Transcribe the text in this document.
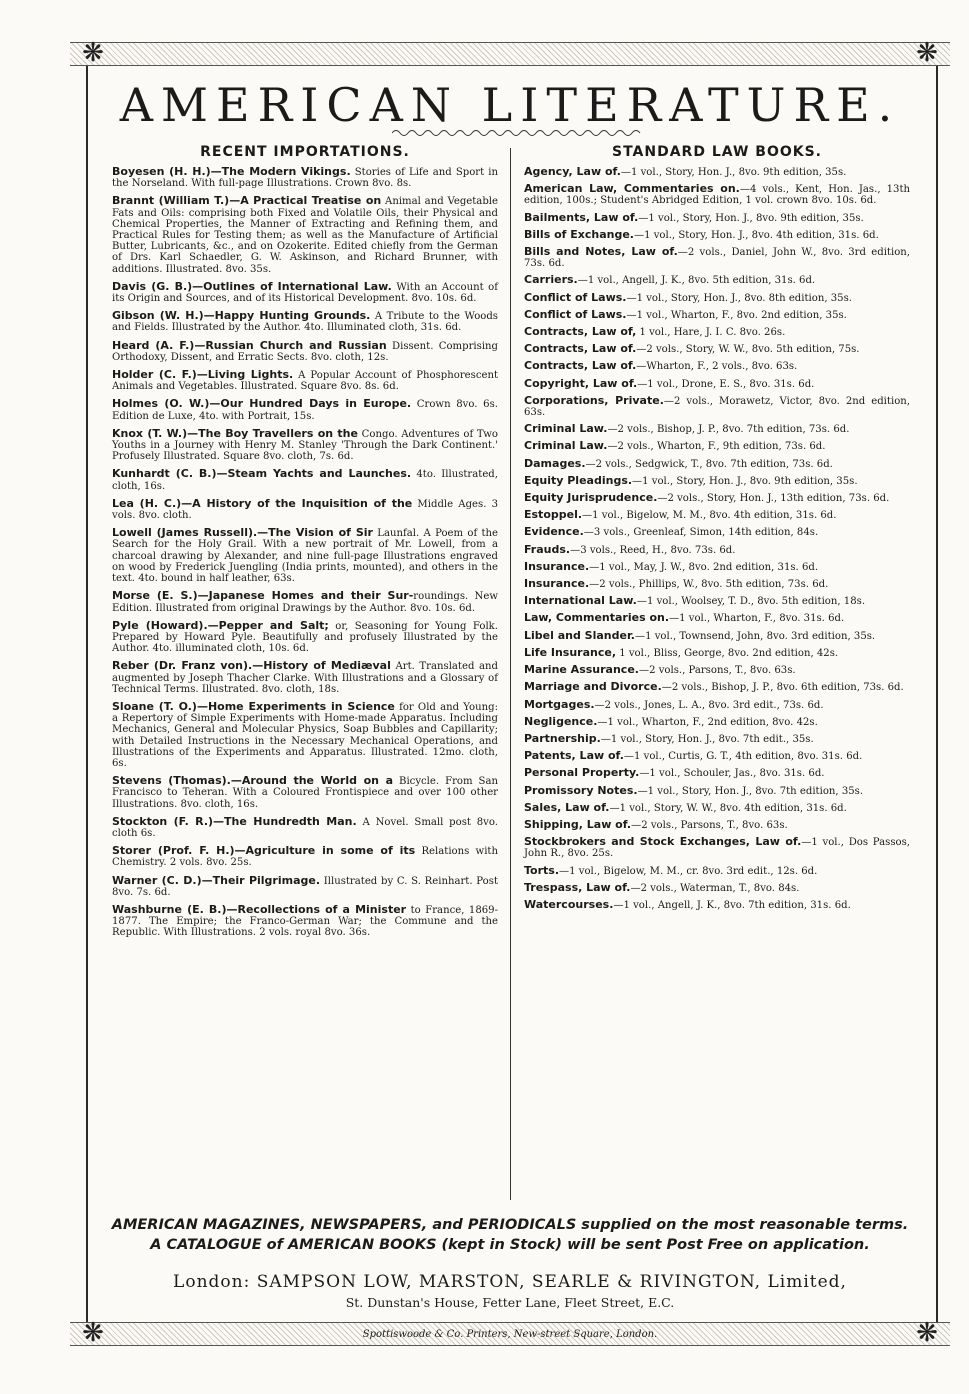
❋	❋
❋	❋
AMERICAN LITERATURE.
RECENT IMPORTATIONS.
Boyesen (H. H.)—The Modern Vikings. Stories of Life and Sport in the Norseland. With full-page Illustrations. Crown 8vo. 8s.
Brannt (William T.)—A Practical Treatise on Animal and Vegetable Fats and Oils: comprising both Fixed and Volatile Oils, their Physical and Chemical Properties, the Manner of Extracting and Refining them, and Practical Rules for Testing them; as well as the Manufacture of Artificial Butter, Lubricants, &c., and on Ozokerite. Edited chiefly from the German of Drs. Karl Schaedler, G. W. Askinson, and Richard Brunner, with additions. Illustrated. 8vo. 35s.
Davis (G. B.)—Outlines of International Law. With an Account of its Origin and Sources, and of its Historical Development. 8vo. 10s. 6d.
Gibson (W. H.)—Happy Hunting Grounds. A Tribute to the Woods and Fields. Illustrated by the Author. 4to. Illuminated cloth, 31s. 6d.
Heard (A. F.)—Russian Church and Russian Dissent. Comprising Orthodoxy, Dissent, and Erratic Sects. 8vo. cloth, 12s.
Holder (C. F.)—Living Lights. A Popular Account of Phosphorescent Animals and Vegetables. Illustrated. Square 8vo. 8s. 6d.
Holmes (O. W.)—Our Hundred Days in Europe. Crown 8vo. 6s. Edition de Luxe, 4to. with Portrait, 15s.
Knox (T. W.)—The Boy Travellers on the Congo. Adventures of Two Youths in a Journey with Henry M. Stanley 'Through the Dark Continent.' Profusely Illustrated. Square 8vo. cloth, 7s. 6d.
Kunhardt (C. B.)—Steam Yachts and Launches. 4to. Illustrated, cloth, 16s.
Lea (H. C.)—A History of the Inquisition of the Middle Ages. 3 vols. 8vo. cloth.
Lowell (James Russell).—The Vision of Sir Launfal. A Poem of the Search for the Holy Grail. With a new portrait of Mr. Lowell, from a charcoal drawing by Alexander, and nine full-page Illustrations engraved on wood by Frederick Juengling (India prints, mounted), and others in the text. 4to. bound in half leather, 63s.
Morse (E. S.)—Japanese Homes and their Sur-roundings. New Edition. Illustrated from original Drawings by the Author. 8vo. 10s. 6d.
Pyle (Howard).—Pepper and Salt; or, Seasoning for Young Folk. Prepared by Howard Pyle. Beautifully and profusely Illustrated by the Author. 4to. illuminated cloth, 10s. 6d.
Reber (Dr. Franz von).—History of Mediæval Art. Translated and augmented by Joseph Thacher Clarke. With Illustrations and a Glossary of Technical Terms. Illustrated. 8vo. cloth, 18s.
Sloane (T. O.)—Home Experiments in Science for Old and Young: a Repertory of Simple Experiments with Home-made Apparatus. Including Mechanics, General and Molecular Physics, Soap Bubbles and Capillarity; with Detailed Instructions in the Necessary Mechanical Operations, and Illustrations of the Experiments and Apparatus. Illustrated. 12mo. cloth, 6s.
Stevens (Thomas).—Around the World on a Bicycle. From San Francisco to Teheran. With a Coloured Frontispiece and over 100 other Illustrations. 8vo. cloth, 16s.
Stockton (F. R.)—The Hundredth Man. A Novel. Small post 8vo. cloth 6s.
Storer (Prof. F. H.)—Agriculture in some of its Relations with Chemistry. 2 vols. 8vo. 25s.
Warner (C. D.)—Their Pilgrimage. Illustrated by C. S. Reinhart. Post 8vo. 7s. 6d.
Washburne (E. B.)—Recollections of a Minister to France, 1869-1877. The Empire; the Franco-German War; the Commune and the Republic. With Illustrations. 2 vols. royal 8vo. 36s.
STANDARD LAW BOOKS.
Agency, Law of.—1 vol., Story, Hon. J., 8vo. 9th edition, 35s.
American Law, Commentaries on.—4 vols., Kent, Hon. Jas., 13th edition, 100s.; Student's Abridged Edition, 1 vol. crown 8vo. 10s. 6d.
Bailments, Law of.—1 vol., Story, Hon. J., 8vo. 9th edition, 35s.
Bills of Exchange.—1 vol., Story, Hon. J., 8vo. 4th edition, 31s. 6d.
Bills and Notes, Law of.—2 vols., Daniel, John W., 8vo. 3rd edition, 73s. 6d.
Carriers.—1 vol., Angell, J. K., 8vo. 5th edition, 31s. 6d.
Conflict of Laws.—1 vol., Story, Hon. J., 8vo. 8th edition, 35s.
Conflict of Laws.—1 vol., Wharton, F., 8vo. 2nd edition, 35s.
Contracts, Law of, 1 vol., Hare, J. I. C. 8vo. 26s.
Contracts, Law of.—2 vols., Story, W. W., 8vo. 5th edition, 75s.
Contracts, Law of.—Wharton, F., 2 vols., 8vo. 63s.
Copyright, Law of.—1 vol., Drone, E. S., 8vo. 31s. 6d.
Corporations, Private.—2 vols., Morawetz, Victor, 8vo. 2nd edition, 63s.
Criminal Law.—2 vols., Bishop, J. P., 8vo. 7th edition, 73s. 6d.
Criminal Law.—2 vols., Wharton, F., 9th edition, 73s. 6d.
Damages.—2 vols., Sedgwick, T., 8vo. 7th edition, 73s. 6d.
Equity Pleadings.—1 vol., Story, Hon. J., 8vo. 9th edition, 35s.
Equity Jurisprudence.—2 vols., Story, Hon. J., 13th edition, 73s. 6d.
Estoppel.—1 vol., Bigelow, M. M., 8vo. 4th edition, 31s. 6d.
Evidence.—3 vols., Greenleaf, Simon, 14th edition, 84s.
Frauds.—3 vols., Reed, H., 8vo. 73s. 6d.
Insurance.—1 vol., May, J. W., 8vo. 2nd edition, 31s. 6d.
Insurance.—2 vols., Phillips, W., 8vo. 5th edition, 73s. 6d.
International Law.—1 vol., Woolsey, T. D., 8vo. 5th edition, 18s.
Law, Commentaries on.—1 vol., Wharton, F., 8vo. 31s. 6d.
Libel and Slander.—1 vol., Townsend, John, 8vo. 3rd edition, 35s.
Life Insurance, 1 vol., Bliss, George, 8vo. 2nd edition, 42s.
Marine Assurance.—2 vols., Parsons, T., 8vo. 63s.
Marriage and Divorce.—2 vols., Bishop, J. P., 8vo. 6th edition, 73s. 6d.
Mortgages.—2 vols., Jones, L. A., 8vo. 3rd edit., 73s. 6d.
Negligence.—1 vol., Wharton, F., 2nd edition, 8vo. 42s.
Partnership.—1 vol., Story, Hon. J., 8vo. 7th edit., 35s.
Patents, Law of.—1 vol., Curtis, G. T., 4th edition, 8vo. 31s. 6d.
Personal Property.—1 vol., Schouler, Jas., 8vo. 31s. 6d.
Promissory Notes.—1 vol., Story, Hon. J., 8vo. 7th edition, 35s.
Sales, Law of.—1 vol., Story, W. W., 8vo. 4th edition, 31s. 6d.
Shipping, Law of.—2 vols., Parsons, T., 8vo. 63s.
Stockbrokers and Stock Exchanges, Law of.—1 vol., Dos Passos, John R., 8vo. 25s.
Torts.—1 vol., Bigelow, M. M., cr. 8vo. 3rd edit., 12s. 6d.
Trespass, Law of.—2 vols., Waterman, T., 8vo. 84s.
Watercourses.—1 vol., Angell, J. K., 8vo. 7th edition, 31s. 6d.
AMERICAN MAGAZINES, NEWSPAPERS, and PERIODICALS supplied on the most reasonable terms.
A CATALOGUE of AMERICAN BOOKS (kept in Stock) will be sent Post Free on application.
London: SAMPSON LOW, MARSTON, SEARLE & RIVINGTON, Limited,
St. Dunstan's House, Fetter Lane, Fleet Street, E.C.
Spottiswoode & Co. Printers, New-street Square, London.
